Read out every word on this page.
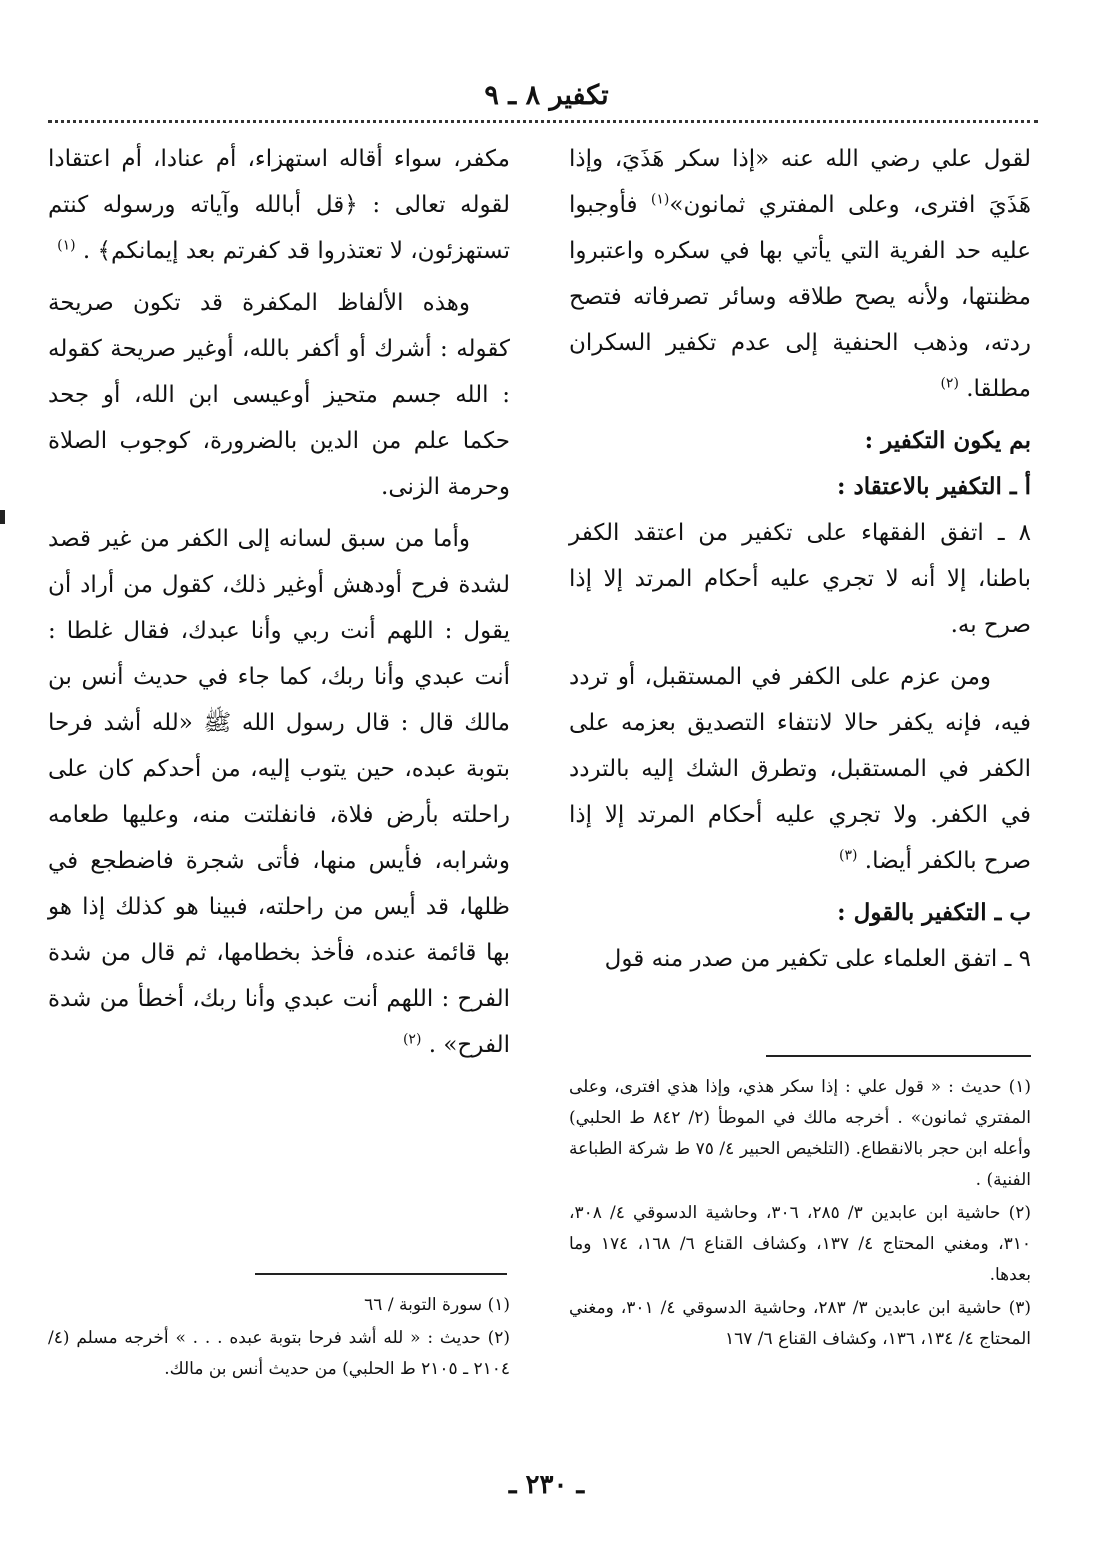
تكفير ٨ ـ ٩

لقول علي رضي الله عنه «إذا سكر هَذَيَ، وإذا هَذَيَ افترى، وعلى المفتري ثمانون»$^{(١)}$ فأوجبوا عليه حد الفرية التي يأتي بها في سكره واعتبروا مظنتها، ولأنه يصح طلاقه وسائر تصرفاته فتصح ردته، وذهب الحنفية إلى عدم تكفير السكران مطلقا. $^{(٢)}$

بم يكون التكفير :

أ ـ التكفير بالاعتقاد :

٨ ـ اتفق الفقهاء على تكفير من اعتقد الكفر باطنا، إلا أنه لا تجري عليه أحكام المرتد إلا إذا صرح به.

ومن عزم على الكفر في المستقبل، أو تردد فيه، فإنه يكفر حالا لانتفاء التصديق بعزمه على الكفر في المستقبل، وتطرق الشك إليه بالتردد في الكفر. ولا تجري عليه أحكام المرتد إلا إذا صرح بالكفر أيضا. $^{(٣)}$

ب ـ التكفير بالقول :

٩ ـ اتفق العلماء على تكفير من صدر منه قول

مكفر، سواء أقاله استهزاء، أم عنادا، أم اعتقادا لقوله تعالى : ﴿قل أبالله وآياته ورسوله كنتم تستهزئون، لا تعتذروا قد كفرتم بعد إيمانكم﴾ . $^{(١)}$

وهذه الألفاظ المكفرة قد تكون صريحة كقوله : أشرك أو أكفر بالله، أوغير صريحة كقوله : الله جسم متحيز أوعيسى ابن الله، أو جحد حكما علم من الدين بالضرورة، كوجوب الصلاة وحرمة الزنى.

وأما من سبق لسانه إلى الكفر من غير قصد لشدة فرح أودهش أوغير ذلك، كقول من أراد أن يقول : اللهم أنت ربي وأنا عبدك، فقال غلطا : أنت عبدي وأنا ربك، كما جاء في حديث أنس بن مالك قال : قال رسول الله ﷺ «لله أشد فرحا بتوبة عبده، حين يتوب إليه، من أحدكم كان على راحلته بأرض فلاة، فانفلتت منه، وعليها طعامه وشرابه، فأيس منها، فأتى شجرة فاضطجع في ظلها، قد أيس من راحلته، فبينا هو كذلك إذا هو بها قائمة عنده، فأخذ بخطامها، ثم قال من شدة الفرح : اللهم أنت عبدي وأنا ربك، أخطأ من شدة الفرح» . $^{(٢)}$

(١) حديث : « قول علي : إذا سكر هذي، وإذا هذي افترى، وعلى المفتري ثمانون» . أخرجه مالك في الموطأ (٢/ ٨٤٢ ط الحلبي) وأعله ابن حجر بالانقطاع. (التلخيص الحبير ٤/ ٧٥ ط شركة الطباعة الفنية) .

(٢) حاشية ابن عابدين ٣/ ٢٨٥، ٣٠٦، وحاشية الدسوقي ٤/ ٣٠٨، ٣١٠، ومغني المحتاج ٤/ ١٣٧، وكشاف القناع ٦/ ١٦٨، ١٧٤ وما بعدها.

(٣) حاشية ابن عابدين ٣/ ٢٨٣، وحاشية الدسوقي ٤/ ٣٠١، ومغني المحتاج ٤/ ١٣٤، ١٣٦، وكشاف القناع ٦/ ١٦٧

(١) سورة التوبة / ٦٦

(٢) حديث : « لله أشد فرحا بتوبة عبده . . . » أخرجه مسلم (٤/ ٢١٠٤ ـ ٢١٠٥ ط الحلبي) من حديث أنس بن مالك.

ـ ٢٣٠ ـ
